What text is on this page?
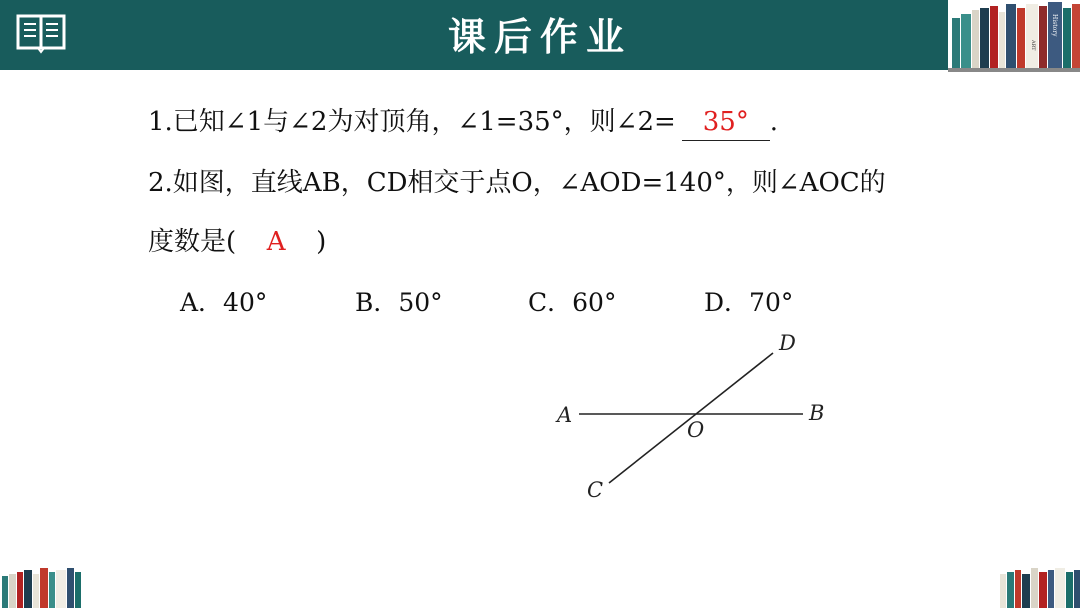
课后作业	ART
History
1.已知∠1与∠2为对顶角，∠1=35°，则∠2= 35° .
2.如图，直线AB，CD相交于点O，∠AOD=140°，则∠AOC的
度数是( A )
A．40°	B．50°	C．60°	D．70°
A	B
C
D
O
